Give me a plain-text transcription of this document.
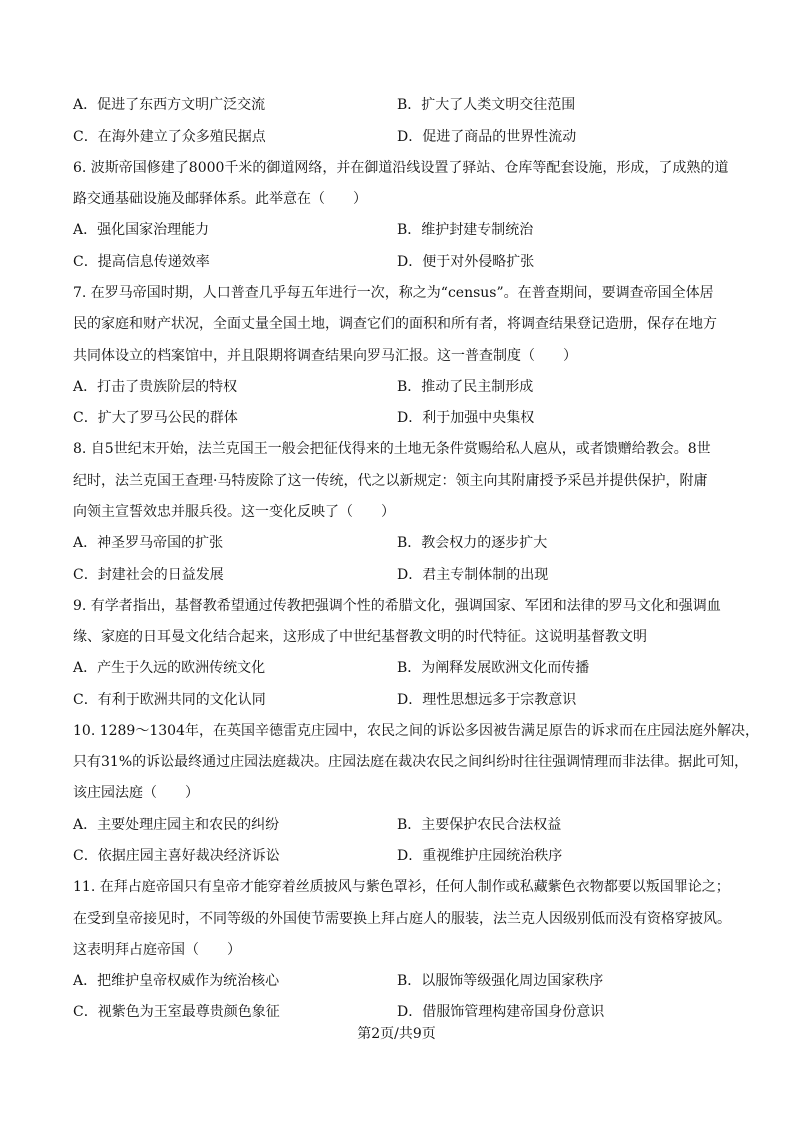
A．促进了东西方文明广泛交流	B．扩大了人类文明交往范围
C．在海外建立了众多殖民据点	D．促进了商品的世界性流动
6. 波斯帝国修建了8000千米的御道网络，并在御道沿线设置了驿站、仓库等配套设施，形成，了成熟的道
路交通基础设施及邮驿体系。此举意在（　　）
A．强化国家治理能力	B．维护封建专制统治
C．提高信息传递效率	D．便于对外侵略扩张
7. 在罗马帝国时期，人口普查几乎每五年进行一次，称之为“census”。在普查期间，要调查帝国全体居
民的家庭和财产状况，全面丈量全国土地，调查它们的面积和所有者，将调查结果登记造册，保存在地方
共同体设立的档案馆中，并且限期将调查结果向罗马汇报。这一普查制度（　　）
A．打击了贵族阶层的特权	B．推动了民主制形成
C．扩大了罗马公民的群体	D．利于加强中央集权
8. 自5世纪末开始，法兰克国王一般会把征伐得来的土地无条件赏赐给私人扈从，或者馈赠给教会。8世
纪时，法兰克国王查理·马特废除了这一传统，代之以新规定：领主向其附庸授予采邑并提供保护，附庸
向领主宣誓效忠并服兵役。这一变化反映了（　　）
A．神圣罗马帝国的扩张	B．教会权力的逐步扩大
C．封建社会的日益发展	D．君主专制体制的出现
9. 有学者指出，基督教希望通过传教把强调个性的希腊文化，强调国家、军团和法律的罗马文化和强调血
缘、家庭的日耳曼文化结合起来，这形成了中世纪基督教文明的时代特征。这说明基督教文明
A．产生于久远的欧洲传统文化	B．为阐释发展欧洲文化而传播
C．有利于欧洲共同的文化认同	D．理性思想远多于宗教意识
10. 1289～1304年，在英国辛德雷克庄园中，农民之间的诉讼多因被告满足原告的诉求而在庄园法庭外解决，
只有31%的诉讼最终通过庄园法庭裁决。庄园法庭在裁决农民之间纠纷时往往强调情理而非法律。据此可知，
该庄园法庭（　　）
A．主要处理庄园主和农民的纠纷	B．主要保护农民合法权益
C．依据庄园主喜好裁决经济诉讼	D．重视维护庄园统治秩序
11. 在拜占庭帝国只有皇帝才能穿着丝质披风与紫色罩衫，任何人制作或私藏紫色衣物都要以叛国罪论之；
在受到皇帝接见时，不同等级的外国使节需要换上拜占庭人的服装，法兰克人因级别低而没有资格穿披风。
这表明拜占庭帝国（　　）
A．把维护皇帝权威作为统治核心	B．以服饰等级强化周边国家秩序
C．视紫色为王室最尊贵颜色象征	D．借服饰管理构建帝国身份意识
第2页/共9页
